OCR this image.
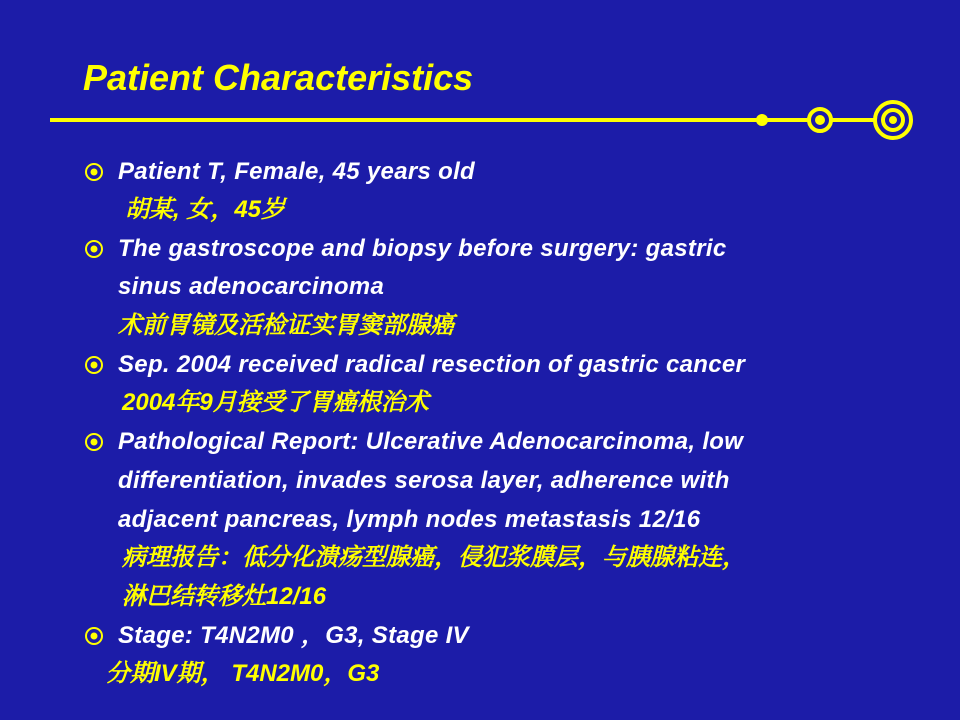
Patient Characteristics
Patient T, Female, 45 years old
胡某, 女，45岁
The gastroscope and biopsy before surgery: gastric
sinus adenocarcinoma
术前胃镜及活检证实胃窦部腺癌
Sep. 2004 received radical resection of gastric cancer
2004年9月接受了胃癌根治术
Pathological Report: Ulcerative Adenocarcinoma, low
differentiation, invades serosa layer, adherence with
adjacent pancreas, lymph nodes metastasis 12/16
病理报告：低分化溃疡型腺癌，侵犯浆膜层，与胰腺粘连，
淋巴结转移灶12/16
Stage: T4N2M0 ，G3, Stage IV
分期IV期， T4N2M0，G3
